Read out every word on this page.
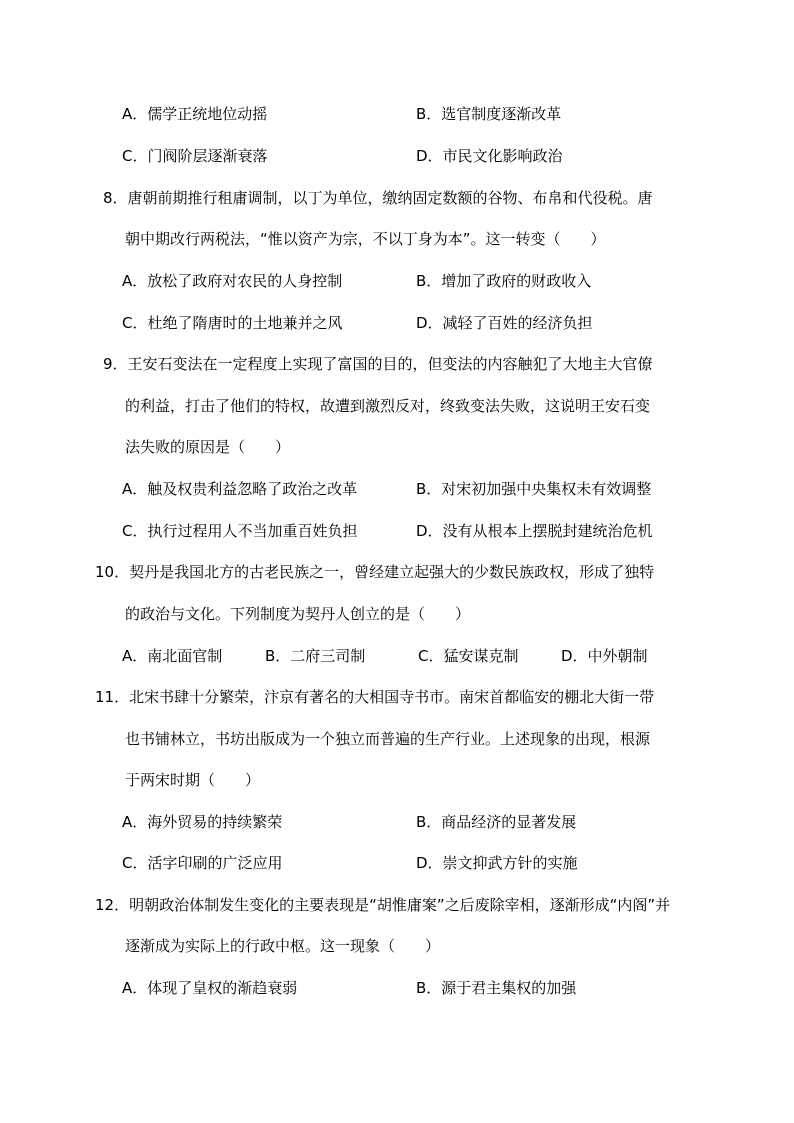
A．儒学正统地位动摇	B．选官制度逐渐改革
C．门阀阶层逐渐衰落	D．市民文化影响政治
8．唐朝前期推行租庸调制，以丁为单位，缴纳固定数额的谷物、布帛和代役税。唐
朝中期改行两税法，“惟以资产为宗，不以丁身为本”。这一转变（　　）
A．放松了政府对农民的人身控制	B．增加了政府的财政收入
C．杜绝了隋唐时的土地兼并之风	D．减轻了百姓的经济负担
9．王安石变法在一定程度上实现了富国的目的，但变法的内容触犯了大地主大官僚
的利益，打击了他们的特权，故遭到激烈反对，终致变法失败，这说明王安石变
法失败的原因是（　　）
A．触及权贵利益忽略了政治之改革	B．对宋初加强中央集权未有效调整
C．执行过程用人不当加重百姓负担	D．没有从根本上摆脱封建统治危机
10．契丹是我国北方的古老民族之一，曾经建立起强大的少数民族政权，形成了独特
的政治与文化。下列制度为契丹人创立的是（　　）
A．南北面官制	B．二府三司制	C．猛安谋克制	D．中外朝制
11．北宋书肆十分繁荣，汴京有著名的大相国寺书市。南宋首都临安的棚北大街一带
也书铺林立，书坊出版成为一个独立而普遍的生产行业。上述现象的出现，根源
于两宋时期（　　）
A．海外贸易的持续繁荣	B．商品经济的显著发展
C．活字印刷的广泛应用	D．崇文抑武方针的实施
12．明朝政治体制发生变化的主要表现是“胡惟庸案”之后废除宰相，逐渐形成“内阁”并
逐渐成为实际上的行政中枢。这一现象（　　）
A．体现了皇权的渐趋衰弱	B．源于君主集权的加强
